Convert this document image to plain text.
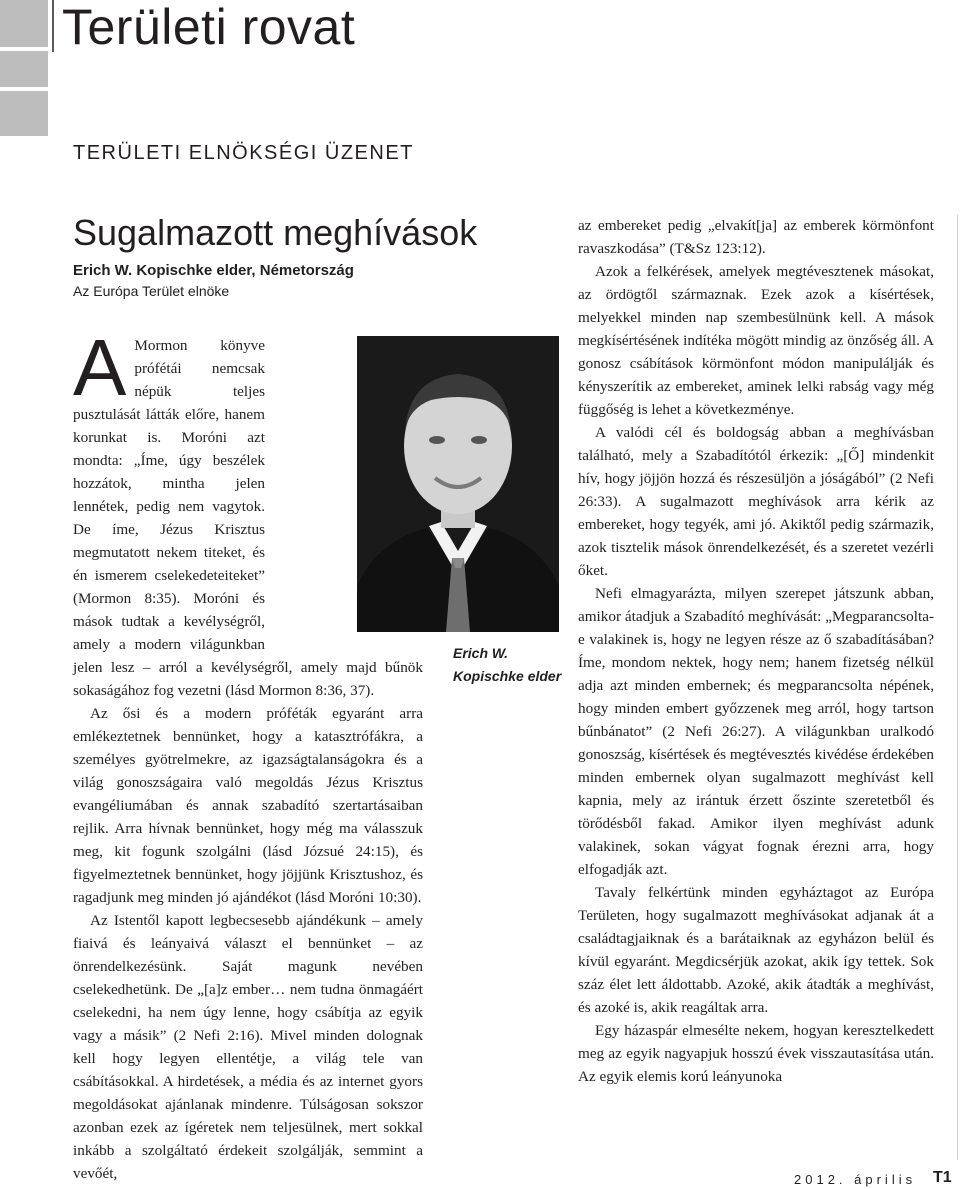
Területi rovat
TERÜLETI ELNÖKSÉGI ÜZENET
Sugalmazott meghívások
Erich W. Kopischke elder, Németország
Az Európa Terület elnöke

A Mormon könyve prófétái nemcsak népük teljes pusztulását látták előre, hanem korunkat is. Moróni azt mondta: „Íme, úgy beszélek hozzátok, mintha jelen lennétek, pedig nem vagytok. De íme, Jézus Krisztus megmutatott nekem titeket, és én ismerem cselekedeteiteket” (Mormon 8:35). Moróni és mások tudtak a kevélységről, amely a modern világunkban jelen lesz – arról a kevélységről, amely majd bűnök sokaságához fog vezetni (lásd Mormon 8:36, 37).

Az ősi és a modern próféták egyaránt arra emlékeztetnek bennünket, hogy a katasztrófákra, a személyes gyötrelmekre, az igazságtalanságokra és a világ gonoszságaira való megoldás Jézus Krisztus evangéliumában és annak szabadító szertartásaiban rejlik. Arra hívnak bennünket, hogy még ma válasszuk meg, kit fogunk szolgálni (lásd Józsué 24:15), és figyelmeztetnek bennünket, hogy jöjjünk Krisztushoz, és ragadjunk meg minden jó ajándékot (lásd Moróni 10:30).

Az Istentől kapott legbecsesebb ajándékunk – amely fiaivá és leányaivá választ el bennünket – az önrendelkezésünk. Saját magunk nevében cselekedhetünk. De „[a]z ember… nem tudna önmagáért cselekedni, ha nem úgy lenne, hogy csábítja az egyik vagy a másik” (2 Nefi 2:16). Mivel minden dolognak kell hogy legyen ellentétje, a világ tele van csábításokkal. A hirdetések, a média és az internet gyors megoldásokat ajánlanak mindenre. Túlságosan sokszor azonban ezek az ígéretek nem teljesülnek, mert sokkal inkább a szolgáltató érdekeit szolgálják, semmint a vevőét,

Erich W.
Kopischke elder

az embereket pedig „elvakít[ja] az emberek körmönfont ravaszkodása” (T&Sz 123:12).

Azok a felkérések, amelyek megtévesztenek másokat, az ördögtől származnak. Ezek azok a kísértések, melyekkel minden nap szembesülnünk kell. A mások megkísértésének indítéka mögött mindig az önzőség áll. A gonosz csábítások körmönfont módon manipulálják és kényszerítik az embereket, aminek lelki rabság vagy még függőség is lehet a következménye.

A valódi cél és boldogság abban a meghívásban található, mely a Szabadítótól érkezik: „[Ő] mindenkit hív, hogy jöjjön hozzá és részesüljön a jóságából” (2 Nefi 26:33). A sugalmazott meghívások arra kérik az embereket, hogy tegyék, ami jó. Akiktől pedig származik, azok tisztelik mások önrendelkezését, és a szeretet vezérli őket.

Nefi elmagyarázta, milyen szerepet játszunk abban, amikor átadjuk a Szabadító meghívását: „Megparancsolta-e valakinek is, hogy ne legyen része az ő szabadításában? Íme, mondom nektek, hogy nem; hanem fizetség nélkül adja azt minden embernek; és megparancsolta népének, hogy minden embert győzzenek meg arról, hogy tartson bűnbánatot” (2 Nefi 26:27). A világunkban uralkodó gonoszság, kísértések és megtévesztés kivédése érdekében minden embernek olyan sugalmazott meghívást kell kapnia, mely az irántuk érzett őszinte szeretetből és törődésből fakad. Amikor ilyen meghívást adunk valakinek, sokan vágyat fognak érezni arra, hogy elfogadják azt.

Tavaly felkértünk minden egyháztagot az Európa Területen, hogy sugalmazott meghívásokat adjanak át a családtagjaiknak és a barátaiknak az egyházon belül és kívül egyaránt. Megdicsérjük azokat, akik így tettek. Sok száz élet lett áldottabb. Azoké, akik átadták a meghívást, és azoké is, akik reagáltak arra.

Egy házaspár elmesélte nekem, hogyan keresztelkedett meg az egyik nagyapjuk hosszú évek visszautasítása után. Az egyik elemis korú leányunoka

2012. április T1
